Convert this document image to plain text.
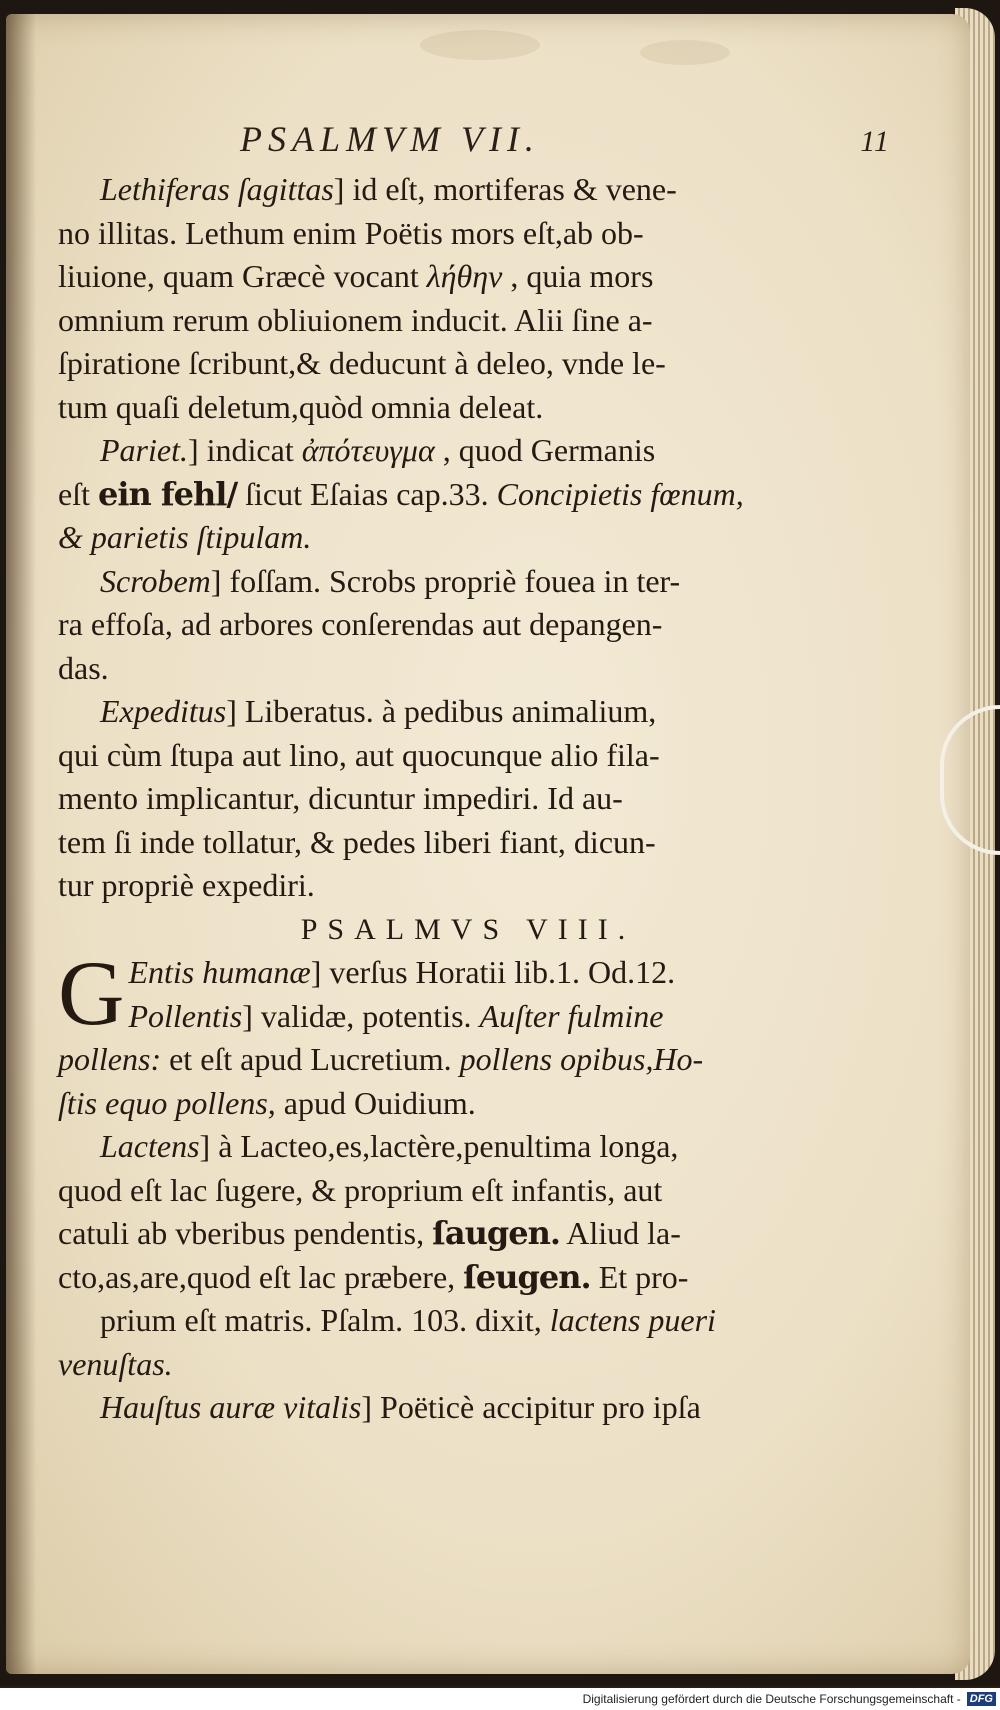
PSALMVM VII.	11
Lethiferas ſagittas] id eſt, mortiferas & vene-
no illitas. Lethum enim Poëtis mors eſt,ab ob-
liuione, quam Græcè vocant λήθην , quia mors
omnium rerum obliuionem inducit. Alii ſine a-
ſpiratione ſcribunt,& deducunt à deleo, vnde le-
tum quaſi deletum,quòd omnia deleat.
Pariet.] indicat ἀπότευγμα , quod Germanis
eſt ein fehl/ ſicut Eſaias cap.33. Concipietis fœnum,
& parietis ſtipulam.
Scrobem] foſſam. Scrobs propriè fouea in ter-
ra effoſa, ad arbores conſerendas aut depangen-
das.
Expeditus] Liberatus. à pedibus animalium,
qui cùm ſtupa aut lino, aut quocunque alio fila-
mento implicantur, dicuntur impediri. Id au-
tem ſi inde tollatur, & pedes liberi fiant, dicun-
tur propriè expediri.
PSALMVS VIII.
G Entis humanæ] verſus Horatii lib.1. Od.12.
Pollentis] validæ, potentis. Auſter fulmine
pollens: et eſt apud Lucretium. pollens opibus,Ho-
ſtis equo pollens, apud Ouidium.
Lactens] à Lacteo,es,lactère,penultima longa,
quod eſt lac ſugere, & proprium eſt infantis, aut
catuli ab vberibus pendentis, ſaugen. Aliud la-
cto,as,are,quod eſt lac præbere, ſeugen. Et pro-
prium eſt matris. Pſalm. 103. dixit, lactens pueri
venuſtas.
Hauſtus auræ vitalis] Poëticè accipitur pro ipſa
Digitalisierung gefördert durch die Deutsche Forschungsgemeinschaft - DFG
